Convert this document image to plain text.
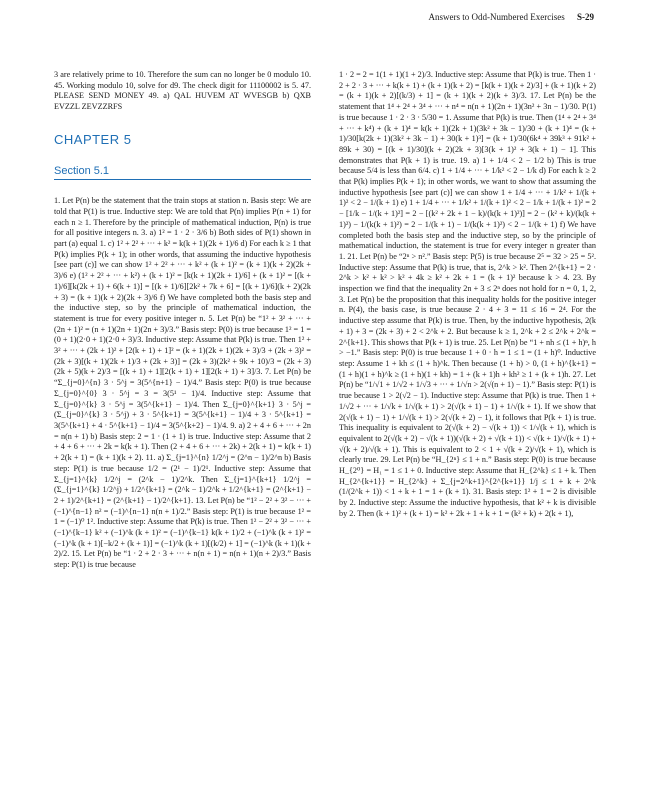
Answers to Odd-Numbered Exercises S-29

3 are relatively prime to 10. Therefore the sum can no longer be 0 modulo 10. 45. Working modulo 10, solve for d9. The check digit for 11100002 is 5. 47. PLEASE SEND MONEY 49. a) QAL HUVEM AT WVESGB b) QXB EVZZL ZEVZZRFS

CHAPTER 5
Section 5.1

1. Let P(n) be the statement that the train stops at station n. Basis step: We are told that P(1) is true. Inductive step: We are told that P(n) implies P(n + 1) for each n ≥ 1. Therefore by the principle of mathematical induction, P(n) is true for all positive integers n. 3. a) 1² = 1 · 2 · 3/6 b) Both sides of P(1) shown in part (a) equal 1. c) 1² + 2² + ··· + k² = k(k + 1)(2k + 1)/6 d) For each k ≥ 1 that P(k) implies P(k + 1); in other words, that assuming the inductive hypothesis [see part (c)] we can show 1² + 2² + ··· + k² + (k + 1)² = (k + 1)(k + 2)(2k + 3)/6 e) (1² + 2² + ··· + k²) + (k + 1)² = [k(k + 1)(2k + 1)/6] + (k + 1)² = [(k + 1)/6][k(2k + 1) + 6(k + 1)] = [(k + 1)/6][2k² + 7k + 6] = [(k + 1)/6](k + 2)(2k + 3) = (k + 1)(k + 2)(2k + 3)/6 f) We have completed both the basis step and the inductive step, so by the principle of mathematical induction, the statement is true for every positive integer n. 5. Let P(n) be “1² + 3² + ··· + (2n + 1)² = (n + 1)(2n + 1)(2n + 3)/3.” Basis step: P(0) is true because 1² = 1 = (0 + 1)(2·0 + 1)(2·0 + 3)/3. Inductive step: Assume that P(k) is true. Then 1² + 3² + ··· + (2k + 1)² + [2(k + 1) + 1]² = (k + 1)(2k + 1)(2k + 3)/3 + (2k + 3)² = (2k + 3)[(k + 1)(2k + 1)/3 + (2k + 3)] = (2k + 3)(2k² + 9k + 10)/3 = (2k + 3)(2k + 5)(k + 2)/3 = [(k + 1) + 1][2(k + 1) + 1][2(k + 1) + 3]/3. 7. Let P(n) be “Σ_{j=0}^{n} 3 · 5^j = 3(5^{n+1} − 1)/4.” Basis step: P(0) is true because Σ_{j=0}^{0} 3 · 5^j = 3 = 3(5¹ − 1)/4. Inductive step: Assume that Σ_{j=0}^{k} 3 · 5^j = 3(5^{k+1} − 1)/4. Then Σ_{j=0}^{k+1} 3 · 5^j = (Σ_{j=0}^{k} 3 · 5^j) + 3 · 5^{k+1} = 3(5^{k+1} − 1)/4 + 3 · 5^{k+1} = 3(5^{k+1} + 4 · 5^{k+1} − 1)/4 = 3(5^{k+2} − 1)/4. 9. a) 2 + 4 + 6 + ··· + 2n = n(n + 1) b) Basis step: 2 = 1 · (1 + 1) is true. Inductive step: Assume that 2 + 4 + 6 + ··· + 2k = k(k + 1). Then (2 + 4 + 6 + ··· + 2k) + 2(k + 1) = k(k + 1) + 2(k + 1) = (k + 1)(k + 2). 11. a) Σ_{j=1}^{n} 1/2^j = (2^n − 1)/2^n b) Basis step: P(1) is true because 1/2 = (2¹ − 1)/2¹. Inductive step: Assume that Σ_{j=1}^{k} 1/2^j = (2^k − 1)/2^k. Then Σ_{j=1}^{k+1} 1/2^j = (Σ_{j=1}^{k} 1/2^j) + 1/2^{k+1} = (2^k − 1)/2^k + 1/2^{k+1} = (2^{k+1} − 2 + 1)/2^{k+1} = (2^{k+1} − 1)/2^{k+1}. 13. Let P(n) be “1² − 2² + 3² − ··· + (−1)^{n−1} n² = (−1)^{n−1} n(n + 1)/2.” Basis step: P(1) is true because 1² = 1 = (−1)⁰ 1². Inductive step: Assume that P(k) is true. Then 1² − 2² + 3² − ··· + (−1)^{k−1} k² + (−1)^k (k + 1)² = (−1)^{k−1} k(k + 1)/2 + (−1)^k (k + 1)² = (−1)^k (k + 1)[−k/2 + (k + 1)] = (−1)^k (k + 1)[(k/2) + 1] = (−1)^k (k + 1)(k + 2)/2. 15. Let P(n) be “1 · 2 + 2 · 3 + ··· + n(n + 1) = n(n + 1)(n + 2)/3.” Basis step: P(1) is true because

1 · 2 = 2 = 1(1 + 1)(1 + 2)/3. Inductive step: Assume that P(k) is true. Then 1 · 2 + 2 · 3 + ··· + k(k + 1) + (k + 1)(k + 2) = [k(k + 1)(k + 2)/3] + (k + 1)(k + 2) = (k + 1)(k + 2)[(k/3) + 1] = (k + 1)(k + 2)(k + 3)/3. 17. Let P(n) be the statement that 1⁴ + 2⁴ + 3⁴ + ··· + n⁴ = n(n + 1)(2n + 1)(3n² + 3n − 1)/30. P(1) is true because 1 · 2 · 3 · 5/30 = 1. Assume that P(k) is true. Then (1⁴ + 2⁴ + 3⁴ + ··· + k⁴) + (k + 1)⁴ = k(k + 1)(2k + 1)(3k² + 3k − 1)/30 + (k + 1)⁴ = (k + 1)/30[k(2k + 1)(3k² + 3k − 1) + 30(k + 1)³] = (k + 1)/30(6k⁴ + 39k³ + 91k² + 89k + 30) = [(k + 1)/30](k + 2)(2k + 3)[3(k + 1)² + 3(k + 1) − 1]. This demonstrates that P(k + 1) is true. 19. a) 1 + 1/4 < 2 − 1/2 b) This is true because 5/4 is less than 6/4. c) 1 + 1/4 + ··· + 1/k² < 2 − 1/k d) For each k ≥ 2 that P(k) implies P(k + 1); in other words, we want to show that assuming the inductive hypothesis [see part (c)] we can show 1 + 1/4 + ··· + 1/k² + 1/(k + 1)² < 2 − 1/(k + 1) e) 1 + 1/4 + ··· + 1/k² + 1/(k + 1)² < 2 − 1/k + 1/(k + 1)² = 2 − [1/k − 1/(k + 1)²] = 2 − [(k² + 2k + 1 − k)/(k(k + 1)²)] = 2 − (k² + k)/(k(k + 1)²) − 1/(k(k + 1)²) = 2 − 1/(k + 1) − 1/(k(k + 1)²) < 2 − 1/(k + 1) f) We have completed both the basis step and the inductive step, so by the principle of mathematical induction, the statement is true for every integer n greater than 1. 21. Let P(n) be “2ⁿ > n².” Basis step: P(5) is true because 2⁵ = 32 > 25 = 5². Inductive step: Assume that P(k) is true, that is, 2^k > k². Then 2^{k+1} = 2 · 2^k > k² + k² > k² + 4k ≥ k² + 2k + 1 = (k + 1)² because k > 4. 23. By inspection we find that the inequality 2n + 3 ≤ 2ⁿ does not hold for n = 0, 1, 2, 3. Let P(n) be the proposition that this inequality holds for the positive integer n. P(4), the basis case, is true because 2 · 4 + 3 = 11 ≤ 16 = 2⁴. For the inductive step assume that P(k) is true. Then, by the inductive hypothesis, 2(k + 1) + 3 = (2k + 3) + 2 < 2^k + 2. But because k ≥ 1, 2^k + 2 ≤ 2^k + 2^k = 2^{k+1}. This shows that P(k + 1) is true. 25. Let P(n) be “1 + nh ≤ (1 + h)ⁿ, h > −1.” Basis step: P(0) is true because 1 + 0 · h = 1 ≤ 1 = (1 + h)⁰. Inductive step: Assume 1 + kh ≤ (1 + h)^k. Then because (1 + h) > 0, (1 + h)^{k+1} = (1 + h)(1 + h)^k ≥ (1 + h)(1 + kh) = 1 + (k + 1)h + kh² ≥ 1 + (k + 1)h. 27. Let P(n) be “1/√1 + 1/√2 + 1/√3 + ··· + 1/√n > 2(√(n + 1) − 1).” Basis step: P(1) is true because 1 > 2(√2 − 1). Inductive step: Assume that P(k) is true. Then 1 + 1/√2 + ··· + 1/√k + 1/√(k + 1) > 2(√(k + 1) − 1) + 1/√(k + 1). If we show that 2(√(k + 1) − 1) + 1/√(k + 1) > 2(√(k + 2) − 1), it follows that P(k + 1) is true. This inequality is equivalent to 2(√(k + 2) − √(k + 1)) < 1/√(k + 1), which is equivalent to 2(√(k + 2) − √(k + 1))(√(k + 2) + √(k + 1)) < √(k + 1)/√(k + 1) + √(k + 2)/√(k + 1). This is equivalent to 2 < 1 + √(k + 2)/√(k + 1), which is clearly true. 29. Let P(n) be “H_{2ⁿ} ≤ 1 + n.” Basis step: P(0) is true because H_{2⁰} = H₁ = 1 ≤ 1 + 0. Inductive step: Assume that H_{2^k} ≤ 1 + k. Then H_{2^{k+1}} = H_{2^k} + Σ_{j=2^k+1}^{2^{k+1}} 1/j ≤ 1 + k + 2^k (1/(2^k + 1)) < 1 + k + 1 = 1 + (k + 1). 31. Basis step: 1² + 1 = 2 is divisible by 2. Inductive step: Assume the inductive hypothesis, that k² + k is divisible by 2. Then (k + 1)² + (k + 1) = k² + 2k + 1 + k + 1 = (k² + k) + 2(k + 1),
